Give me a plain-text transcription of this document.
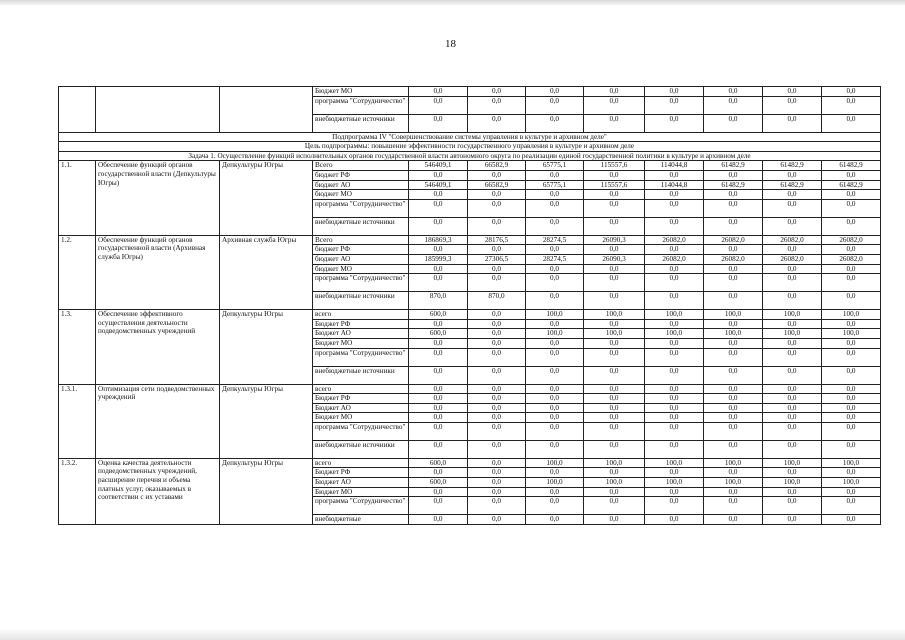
18
			Бюджет МО	0,0	0,0	0,0	0,0	0,0	0,0	0,0	0,0
			программа "Сотрудничество"	0,0	0,0	0,0	0,0	0,0	0,0	0,0	0,0
			внебюджетные источники	0,0	0,0	0,0	0,0	0,0	0,0	0,0	0,0
Подпрограмма IV "Совершенствование системы управления в культуре и архивном деле"											
Цель подпрограммы: повышение эффективности государственного управления в культуре и архивном деле											
Задача 1. Осуществление функций исполнительных органов государственной власти автономного округа по реализации единой государственной политики в культуре и архивном деле											
1.1.	Обеспечение функций органов государственной власти (Депкультуры Югры)	Депкультуры Югры	Всего	546409,1	66582,9	65775,1	115557,6	114044,8	61482,9	61482,9	61482,9
			бюджет РФ	0,0	0,0	0,0	0,0	0,0	0,0	0,0	0,0
			бюджет АО	546409,1	66582,9	65775,1	115557,6	114044,8	61482,9	61482,9	61482,9
			бюджет МО	0,0	0,0	0,0	0,0	0,0	0,0	0,0	0,0
			программа "Сотрудничество"	0,0	0,0	0,0	0,0	0,0	0,0	0,0	0,0
			внебюджетные источники	0,0	0,0	0,0	0,0	0,0	0,0	0,0	0,0
1.2.	Обеспечение функций органов государственной власти (Архивная служба Югры)	Архивная служба Югры	Всего	186869,3	28176,5	28274,5	26090,3	26082,0	26082,0	26082,0	26082,0
			бюджет РФ	0,0	0,0	0,0	0,0	0,0	0,0	0,0	0,0
			бюджет АО	185999,3	27306,5	28274,5	26090,3	26082,0	26082,0	26082,0	26082,0
			бюджет МО	0,0	0,0	0,0	0,0	0,0	0,0	0,0	0,0
			программа "Сотрудничество"	0,0	0,0	0,0	0,0	0,0	0,0	0,0	0,0
			внебюджетные источники	870,0	870,0	0,0	0,0	0,0	0,0	0,0	0,0
1.3.	Обеспечение эффективного осуществления деятельности подведомственных учреждений	Депкультуры Югры	всего	600,0	0,0	100,0	100,0	100,0	100,0	100,0	100,0
			Бюджет РФ	0,0	0,0	0,0	0,0	0,0	0,0	0,0	0,0
			Бюджет АО	600,0	0,0	100,0	100,0	100,0	100,0	100,0	100,0
			Бюджет МО	0,0	0,0	0,0	0,0	0,0	0,0	0,0	0,0
			программа "Сотрудничество"	0,0	0,0	0,0	0,0	0,0	0,0	0,0	0,0
			внебюджетные источники	0,0	0,0	0,0	0,0	0,0	0,0	0,0	0,0
1.3.1.	Оптимизация сети подведомственных учреждений	Депкультуры Югры	всего	0,0	0,0	0,0	0,0	0,0	0,0	0,0	0,0
			Бюджет РФ	0,0	0,0	0,0	0,0	0,0	0,0	0,0	0,0
			Бюджет АО	0,0	0,0	0,0	0,0	0,0	0,0	0,0	0,0
			Бюджет МО	0,0	0,0	0,0	0,0	0,0	0,0	0,0	0,0
			программа "Сотрудничество"	0,0	0,0	0,0	0,0	0,0	0,0	0,0	0,0
			внебюджетные источники	0,0	0,0	0,0	0,0	0,0	0,0	0,0	0,0
1.3.2.	Оценка качества деятельности подведомственных учреждений, расширение перечня и объема платных услуг, оказываемых в соответствии с их уставами	Депкультуры Югры	всего	600,0	0,0	100,0	100,0	100,0	100,0	100,0	100,0
			Бюджет РФ	0,0	0,0	0,0	0,0	0,0	0,0	0,0	0,0
			Бюджет АО	600,0	0,0	100,0	100,0	100,0	100,0	100,0	100,0
			Бюджет МО	0,0	0,0	0,0	0,0	0,0	0,0	0,0	0,0
			программа "Сотрудничество"	0,0	0,0	0,0	0,0	0,0	0,0	0,0	0,0
			внебюджетные	0,0	0,0	0,0	0,0	0,0	0,0	0,0	0,0
